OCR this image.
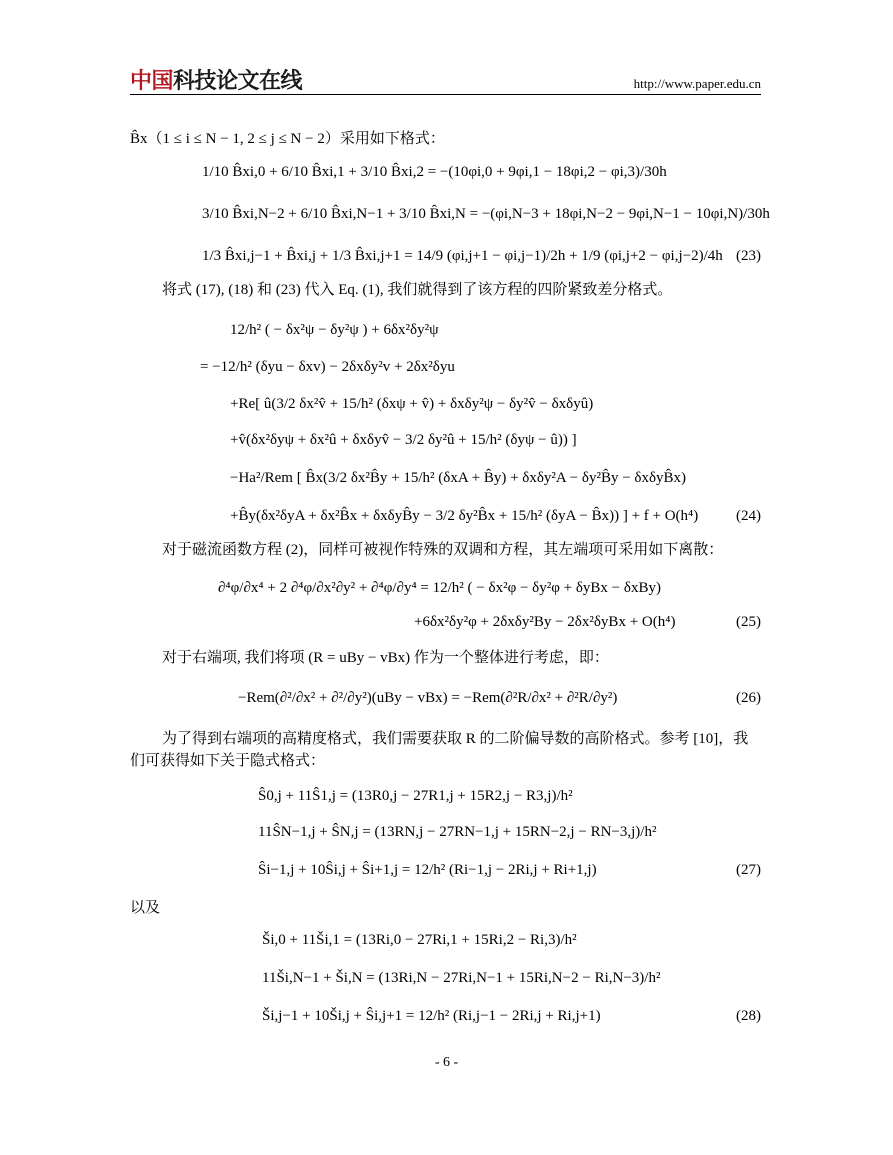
中国科技论文在线	http://www.paper.edu.cn
B̂x（1 ≤ i ≤ N − 1, 2 ≤ j ≤ N − 2）采用如下格式：
1/10 B̂xi,0 + 6/10 B̂xi,1 + 3/10 B̂xi,2 = −(10φi,0 + 9φi,1 − 18φi,2 − φi,3)/30h
3/10 B̂xi,N−2 + 6/10 B̂xi,N−1 + 3/10 B̂xi,N = −(φi,N−3 + 18φi,N−2 − 9φi,N−1 − 10φi,N)/30h
1/3 B̂xi,j−1 + B̂xi,j + 1/3 B̂xi,j+1 = 14/9 (φi,j+1 − φi,j−1)/2h + 1/9 (φi,j+2 − φi,j−2)/4h (23)
将式 (17), (18) 和 (23) 代入 Eq. (1), 我们就得到了该方程的四阶紧致差分格式。
12/h² ( − δx²ψ − δy²ψ ) + 6δx²δy²ψ
= −12/h² (δyu − δxv) − 2δxδy²v + 2δx²δyu
+Re[ û(3/2 δx²v̂ + 15/h² (δxψ + v̂) + δxδy²ψ − δy²v̂ − δxδyû)
+v̂(δx²δyψ + δx²û + δxδyv̂ − 3/2 δy²û + 15/h² (δyψ − û)) ]
−Ha²/Rem [ B̂x(3/2 δx²B̂y + 15/h² (δxA + B̂y) + δxδy²A − δy²B̂y − δxδyB̂x)
+B̂y(δx²δyA + δx²B̂x + δxδyB̂y − 3/2 δy²B̂x + 15/h² (δyA − B̂x)) ] + f + O(h⁴)	(24)
对于磁流函数方程 (2)，同样可被视作特殊的双调和方程，其左端项可采用如下离散：
∂⁴φ/∂x⁴ + 2 ∂⁴φ/∂x²∂y² + ∂⁴φ/∂y⁴ = 12/h² ( − δx²φ − δy²φ + δyBx − δxBy)
+6δx²δy²φ + 2δxδy²By − 2δx²δyBx + O(h⁴)	(25)
对于右端项, 我们将项 (R = uBy − vBx) 作为一个整体进行考虑，即：
−Rem(∂²/∂x² + ∂²/∂y²)(uBy − vBx) = −Rem(∂²R/∂x² + ∂²R/∂y²)	(26)
为了得到右端项的高精度格式，我们需要获取 R 的二阶偏导数的高阶格式。参考 [10]，我们可获得如下关于隐式格式：
Ŝ0,j + 11Ŝ1,j = (13R0,j − 27R1,j + 15R2,j − R3,j)/h²
11ŜN−1,j + ŜN,j = (13RN,j − 27RN−1,j + 15RN−2,j − RN−3,j)/h²
Ŝi−1,j + 10Ŝi,j + Ŝi+1,j = 12/h² (Ri−1,j − 2Ri,j + Ri+1,j)	(27)
以及
Ši,0 + 11Ši,1 = (13Ri,0 − 27Ri,1 + 15Ri,2 − Ri,3)/h²
11Ši,N−1 + Ši,N = (13Ri,N − 27Ri,N−1 + 15Ri,N−2 − Ri,N−3)/h²
Ši,j−1 + 10Ši,j + Ŝi,j+1 = 12/h² (Ri,j−1 − 2Ri,j + Ri,j+1)	(28)
- 6 -
